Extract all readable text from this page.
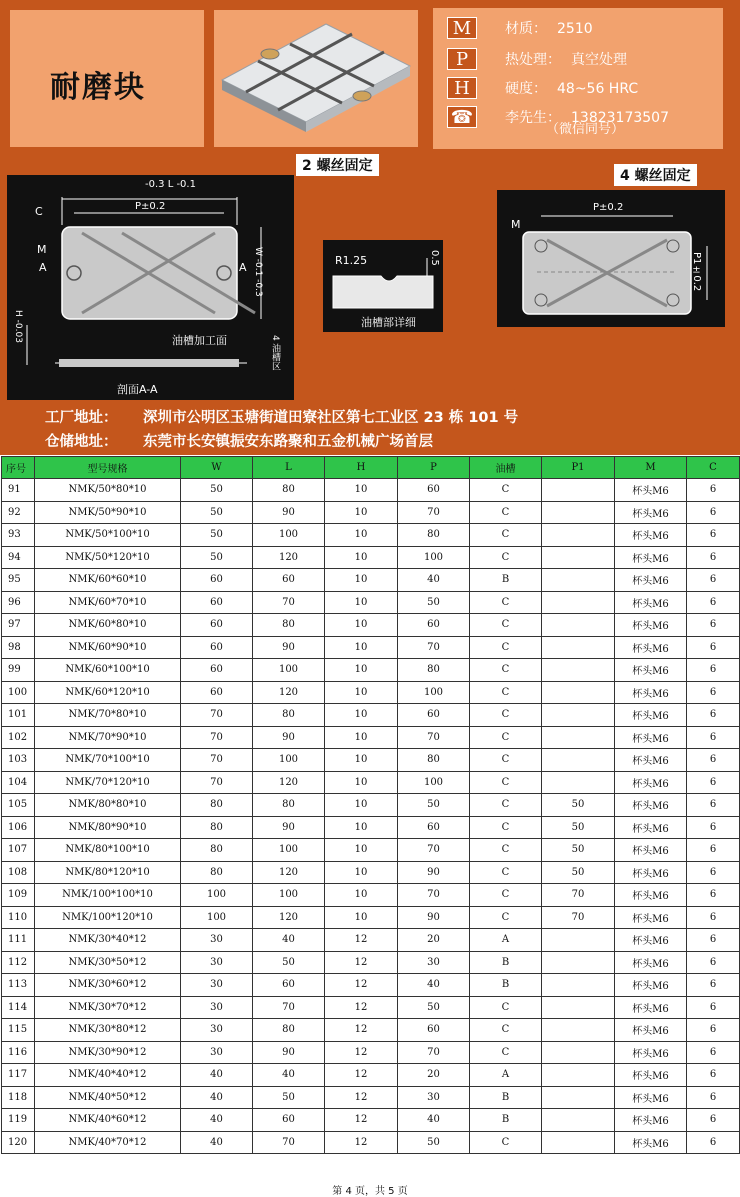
耐磨块
M	材质： 2510
P	热处理： 真空处理
H	硬度： 48~56 HRC
☎ 李先生： 13823173507
（微信同号）
2 螺丝固定
4 螺丝固定
-0.3 L -0.1
P±0.2
C
M
A	A W -0.1 -0.3
H -0.03	油槽加工面
剖面A-A
4 油槽区
R1.25	0.5
油槽部详细
P±0.2
M
P1±0.2
工厂地址： 深圳市公明区玉塘街道田寮社区第七工业区 23 栋 101 号
仓储地址： 东莞市长安镇振安东路聚和五金机械广场首层
序号	型号规格	W	L	H	P	油槽	P1	M	C
91	NMK/50*80*10	50	80	10	60	C		杯头M6	6
92	NMK/50*90*10	50	90	10	70	C		杯头M6	6
93	NMK/50*100*10	50	100	10	80	C		杯头M6	6
94	NMK/50*120*10	50	120	10	100	C		杯头M6	6
95	NMK/60*60*10	60	60	10	40	B		杯头M6	6
96	NMK/60*70*10	60	70	10	50	C		杯头M6	6
97	NMK/60*80*10	60	80	10	60	C		杯头M6	6
98	NMK/60*90*10	60	90	10	70	C		杯头M6	6
99	NMK/60*100*10	60	100	10	80	C		杯头M6	6
100	NMK/60*120*10	60	120	10	100	C		杯头M6	6
101	NMK/70*80*10	70	80	10	60	C		杯头M6	6
102	NMK/70*90*10	70	90	10	70	C		杯头M6	6
103	NMK/70*100*10	70	100	10	80	C		杯头M6	6
104	NMK/70*120*10	70	120	10	100	C		杯头M6	6
105	NMK/80*80*10	80	80	10	50	C	50	杯头M6	6
106	NMK/80*90*10	80	90	10	60	C	50	杯头M6	6
107	NMK/80*100*10	80	100	10	70	C	50	杯头M6	6
108	NMK/80*120*10	80	120	10	90	C	50	杯头M6	6
109	NMK/100*100*10	100	100	10	70	C	70	杯头M6	6
110	NMK/100*120*10	100	120	10	90	C	70	杯头M6	6
111	NMK/30*40*12	30	40	12	20	A		杯头M6	6
112	NMK/30*50*12	30	50	12	30	B		杯头M6	6
113	NMK/30*60*12	30	60	12	40	B		杯头M6	6
114	NMK/30*70*12	30	70	12	50	C		杯头M6	6
115	NMK/30*80*12	30	80	12	60	C		杯头M6	6
116	NMK/30*90*12	30	90	12	70	C		杯头M6	6
117	NMK/40*40*12	40	40	12	20	A		杯头M6	6
118	NMK/40*50*12	40	50	12	30	B		杯头M6	6
119	NMK/40*60*12	40	60	12	40	B		杯头M6	6
120	NMK/40*70*12	40	70	12	50	C		杯头M6	6
第 4 页，共 5 页
